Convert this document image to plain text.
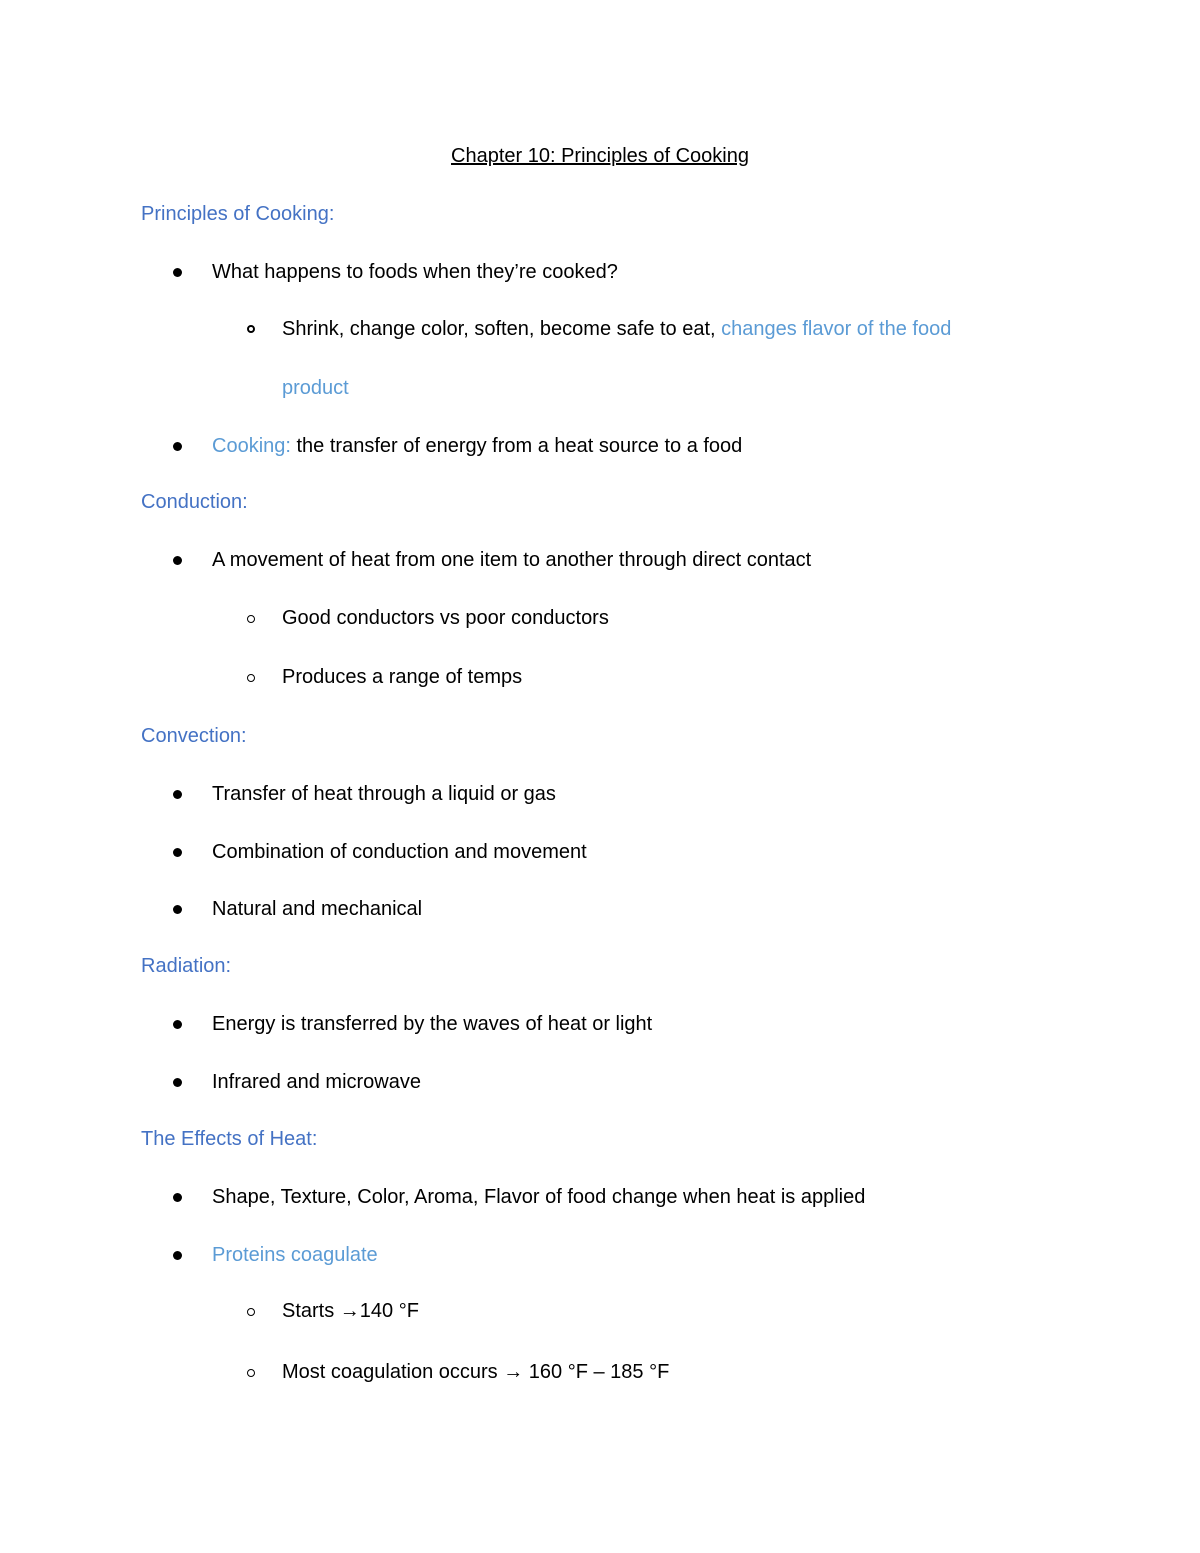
Chapter 10: Principles of Cooking
Principles of Cooking:
What happens to foods when they’re cooked?
Shrink, change color, soften, become safe to eat, changes flavor of the food
product
Cooking: the transfer of energy from a heat source to a food
Conduction:
A movement of heat from one item to another through direct contact
Good conductors vs poor conductors
Produces a range of temps
Convection:
Transfer of heat through a liquid or gas
Combination of conduction and movement
Natural and mechanical
Radiation:
Energy is transferred by the waves of heat or light
Infrared and microwave
The Effects of Heat:
Shape, Texture, Color, Aroma, Flavor of food change when heat is applied
Proteins coagulate
Starts →140 °F
Most coagulation occurs → 160 °F – 185 °F
